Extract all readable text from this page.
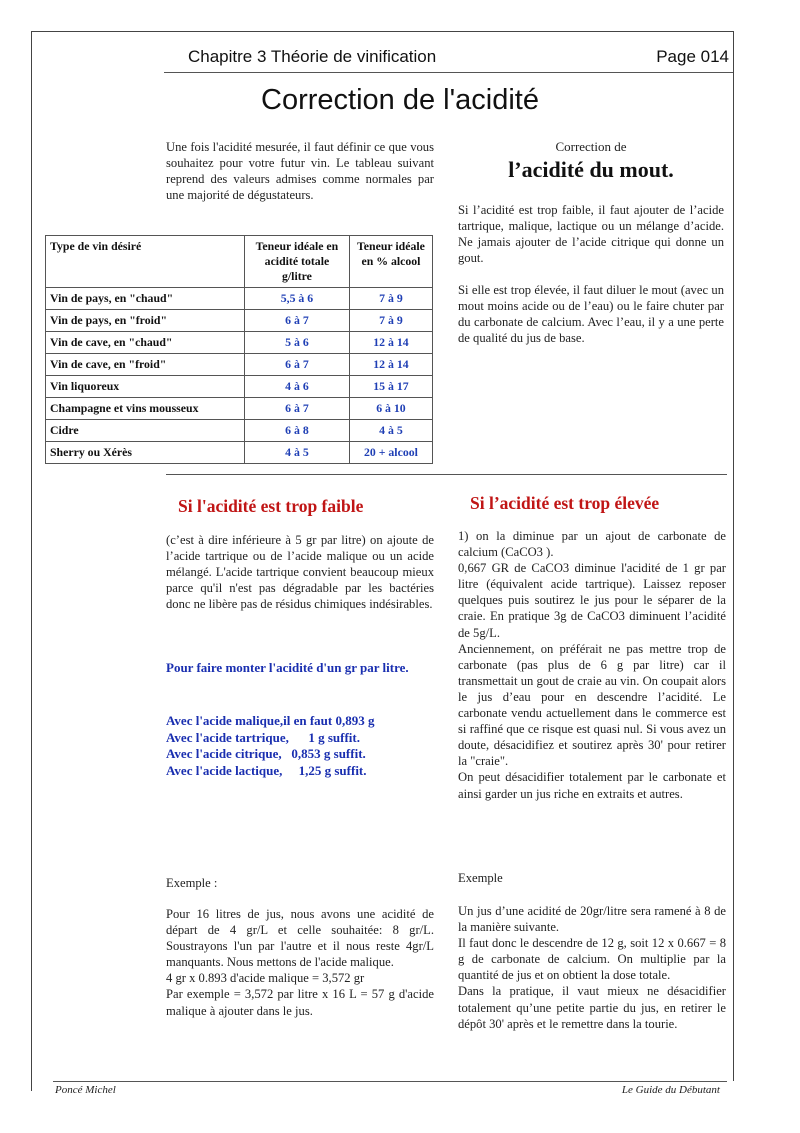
Chapitre 3 Théorie de vinification	Page 014
Correction de l'acidité

Une fois l'acidité mesurée, il faut définir ce que vous souhaitez pour votre futur vin. Le tableau suivant reprend des valeurs admises comme normales par une majorité de dégustateurs.

Correction de
l’acidité du mout.

Si l’acidité est trop faible, il faut ajouter de l’acide tartrique, malique, lactique ou un mélange d’acide. Ne jamais ajouter de l’acide citrique qui donne un gout.

Si elle est trop élevée, il faut diluer le mout (avec un mout moins acide ou de l’eau) ou le faire chuter par du carbonate de calcium. Avec l’eau, il y a une perte de qualité du jus de base.

Type de vin désiré	Teneur idéale en acidité totale g/litre	Teneur idéale en % alcool
Vin de pays, en "chaud"	5,5 à 6	7 à 9
Vin de pays, en "froid"	6 à 7	7 à 9
Vin de cave, en "chaud"	5 à 6	12 à 14
Vin de cave, en "froid"	6 à 7	12 à 14
Vin liquoreux	4 à 6	15 à 17
Champagne et vins mousseux	6 à 7	6 à 10
Cidre	6 à 8	4 à 5
Sherry ou Xérès	4 à 5	20 + alcool
Si l'acidité est trop faible	Si l’acidité est trop élevée

(c’est à dire inférieure à 5 gr par litre) on ajoute de l’acide tartrique ou de l’acide malique ou un acide mélangé. L'acide tartrique convient beaucoup mieux parce qu'il n'est pas dégradable par les bactéries donc ne libère pas de résidus chimiques indésirables.

Pour faire monter l'acidité d'un gr par litre.
Avec l'acide malique,il en faut 0,893 g
Avec l'acide tartrique,      1 g suffit.
Avec l'acide citrique,   0,853 g suffit.
Avec l'acide lactique,     1,25 g suffit.

1) on la diminue par un ajout de carbonate de calcium (CaCO3 ).

0,667 GR de CaCO3 diminue l'acidité de 1 gr par litre (équivalent acide tartrique). Laissez reposer quelques puis soutirez le jus pour le séparer de la craie. En pratique 3g de CaCO3 diminuent l’acidité de 5g/L.

Anciennement, on préférait ne pas mettre trop de carbonate (pas plus de 6 g par litre) car il transmettait un gout de craie au vin. On coupait alors le jus d’eau pour en descendre l’acidité. Le carbonate vendu actuellement dans le commerce est si raffiné que ce risque est quasi nul. Si vous avez un doute, désacidifiez et soutirez après 30' pour retirer la "craie".

On peut désacidifier totalement par le carbonate et ainsi garder un jus riche en extraits et autres.

Exemple :

Pour 16 litres de jus, nous avons une acidité de départ de 4 gr/L et celle souhaitée: 8 gr/L. Soustrayons l'un par l'autre et il nous reste 4gr/L manquants. Nous mettons de l'acide malique.

4 gr x 0.893 d'acide malique = 3,572 gr

Par exemple = 3,572 par litre x 16 L = 57 g d'acide malique à ajouter dans le jus.

Exemple

Un jus d’une acidité de 20gr/litre sera ramené à 8 de la manière suivante.

Il faut donc le descendre de 12 g, soit 12 x 0.667 = 8 g de carbonate de calcium. On multiplie par la quantité de jus et on obtient la dose totale.

Dans la pratique, il vaut mieux ne désacidifier totalement qu’une petite partie du jus, en retirer le dépôt 30' après et le remettre dans la tourie.

Poncé Michel	Le Guide du Débutant
